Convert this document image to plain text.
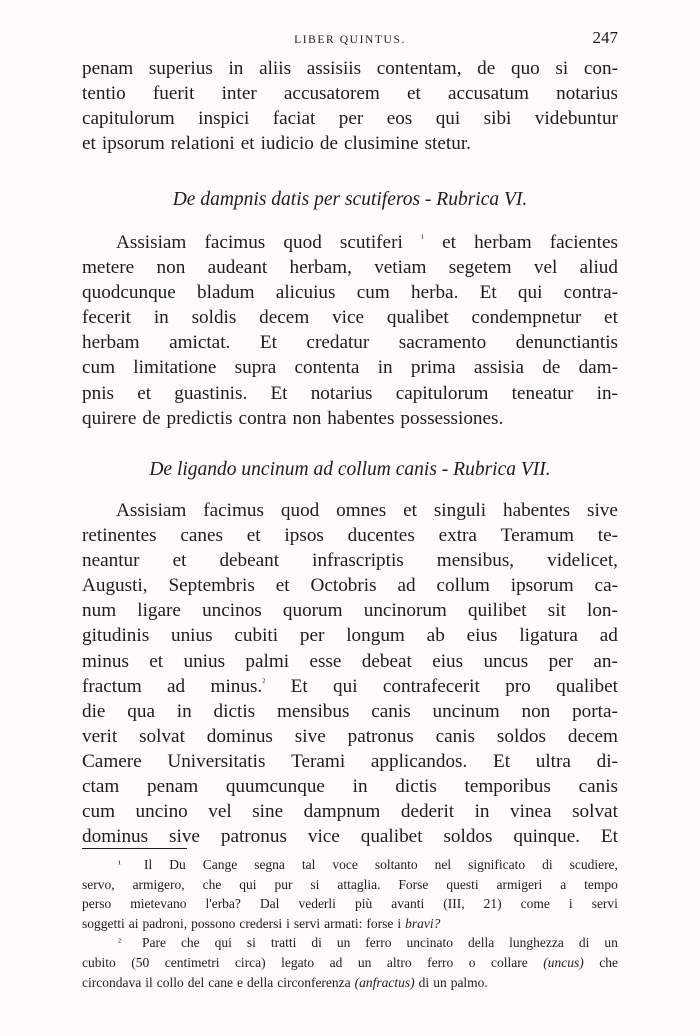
LIBER QUINTUS.	247
penam superius in aliis assisiis contentam, de quo si con-
tentio fuerit inter accusatorem et accusatum notarius
capitulorum inspici faciat per eos qui sibi videbuntur
et ipsorum relationi et iudicio de clusimine stetur.
De dampnis datis per scutiferos - Rubrica VI.
Assisiam facimus quod scutiferi $^{^1}$ et herbam facientes
metere non audeant herbam, vetiam segetem vel aliud
quodcunque bladum alicuius cum herba. Et qui contra-
fecerit in soldis decem vice qualibet condempnetur et
herbam amictat. Et credatur sacramento denunctiantis
cum limitatione supra contenta in prima assisia de dam-
pnis et guastinis. Et notarius capitulorum teneatur in-
quirere de predictis contra non habentes possessiones.
De ligando uncinum ad collum canis - Rubrica VII.
Assisiam facimus quod omnes et singuli habentes sive
retinentes canes et ipsos ducentes extra Teramum te-
neantur et debeant infrascriptis mensibus, videlicet,
Augusti, Septembris et Octobris ad collum ipsorum ca-
num ligare uncinos quorum uncinorum quilibet sit lon-
gitudinis unius cubiti per longum ab eius ligatura ad
minus et unius palmi esse debeat eius uncus per an-
fractum ad minus.$^{^2}$ Et qui contrafecerit pro qualibet
die qua in dictis mensibus canis uncinum non porta-
verit solvat dominus sive patronus canis soldos decem
Camere Universitatis Terami applicandos. Et ultra di-
ctam penam quumcunque in dictis temporibus canis
cum uncino vel sine dampnum dederit in vinea solvat
dominus sive patronus vice qualibet soldos quinque. Et
¹ Il Du Cange segna tal voce soltanto nel significato di scudiere,
servo, armigero, che qui pur si attaglia. Forse questi armigeri a tempo
perso mietevano l'erba? Dal vederli più avanti (III, 21) come i servi
soggetti ai padroni, possono credersi i servi armati: forse i bravi?
² Pare che qui si tratti di un ferro uncinato della lunghezza di un
cubito (50 centimetri circa) legato ad un altro ferro o collare (uncus) che
circondava il collo del cane e della circonferenza (anfractus) di un palmo.
